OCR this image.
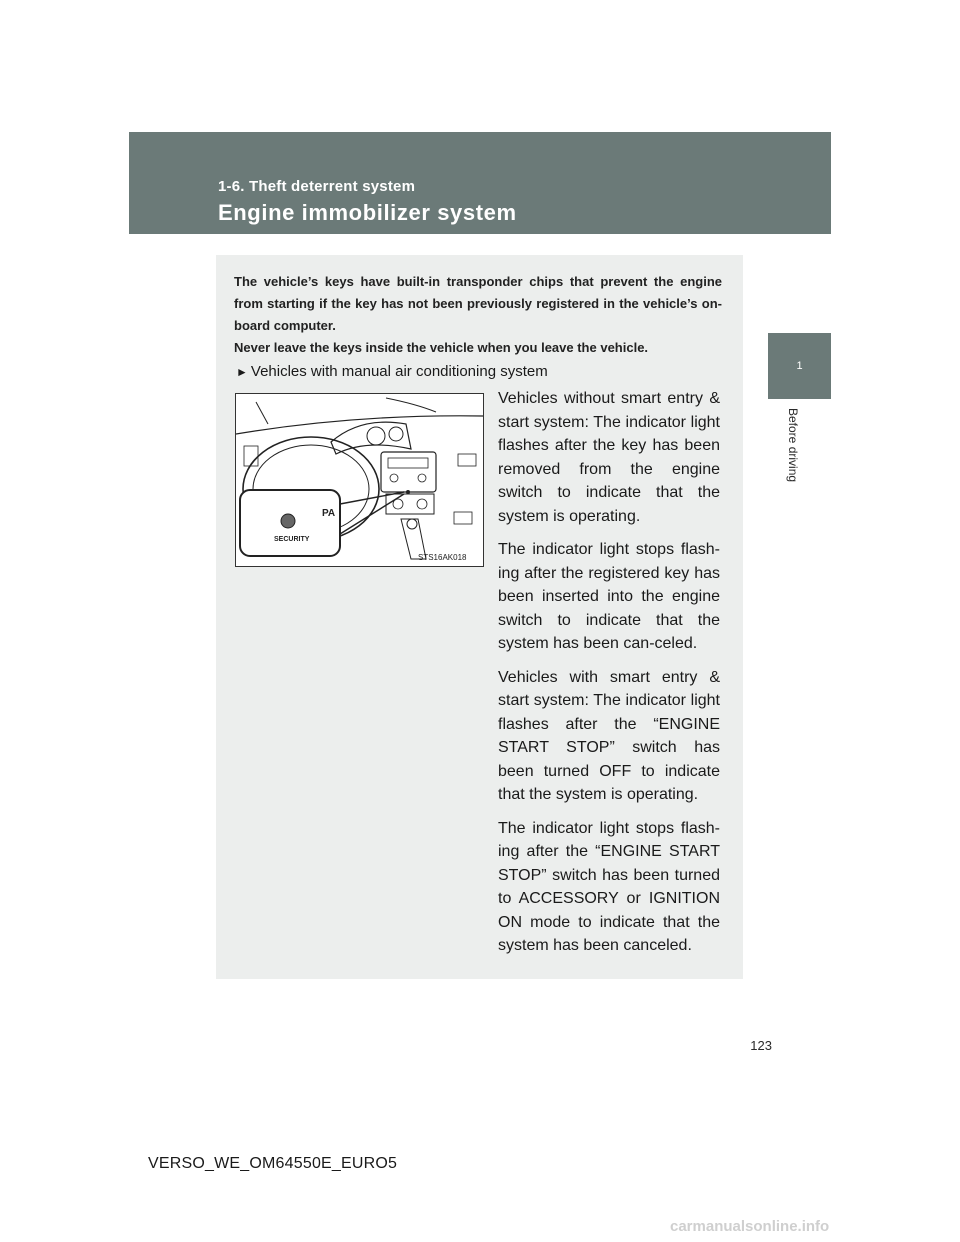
1-6. Theft deterrent system
Engine immobilizer system
1
Before driving

The vehicle’s keys have built-in transponder chips that prevent the engine from starting if the key has not been previously registered in the vehicle’s on-board computer.

Never leave the keys inside the vehicle when you leave the vehicle.

► Vehicles with manual air conditioning system
SECURITY
PA
STS16AK018

Vehicles without smart entry & start system: The indicator light flashes after the key has been removed from the engine switch to indicate that the system is operating.

The indicator light stops flash-ing after the registered key has been inserted into the engine switch to indicate that the system has been can-celed.

Vehicles with smart entry & start system: The indicator light flashes after the “ENGINE START STOP” switch has been turned OFF to indicate that the system is operating.

The indicator light stops flash-ing after the “ENGINE START STOP” switch has been turned to ACCESSORY or IGNITION ON mode to indicate that the system has been canceled.

123
VERSO_WE_OM64550E_EURO5
carmanualsonline.info
